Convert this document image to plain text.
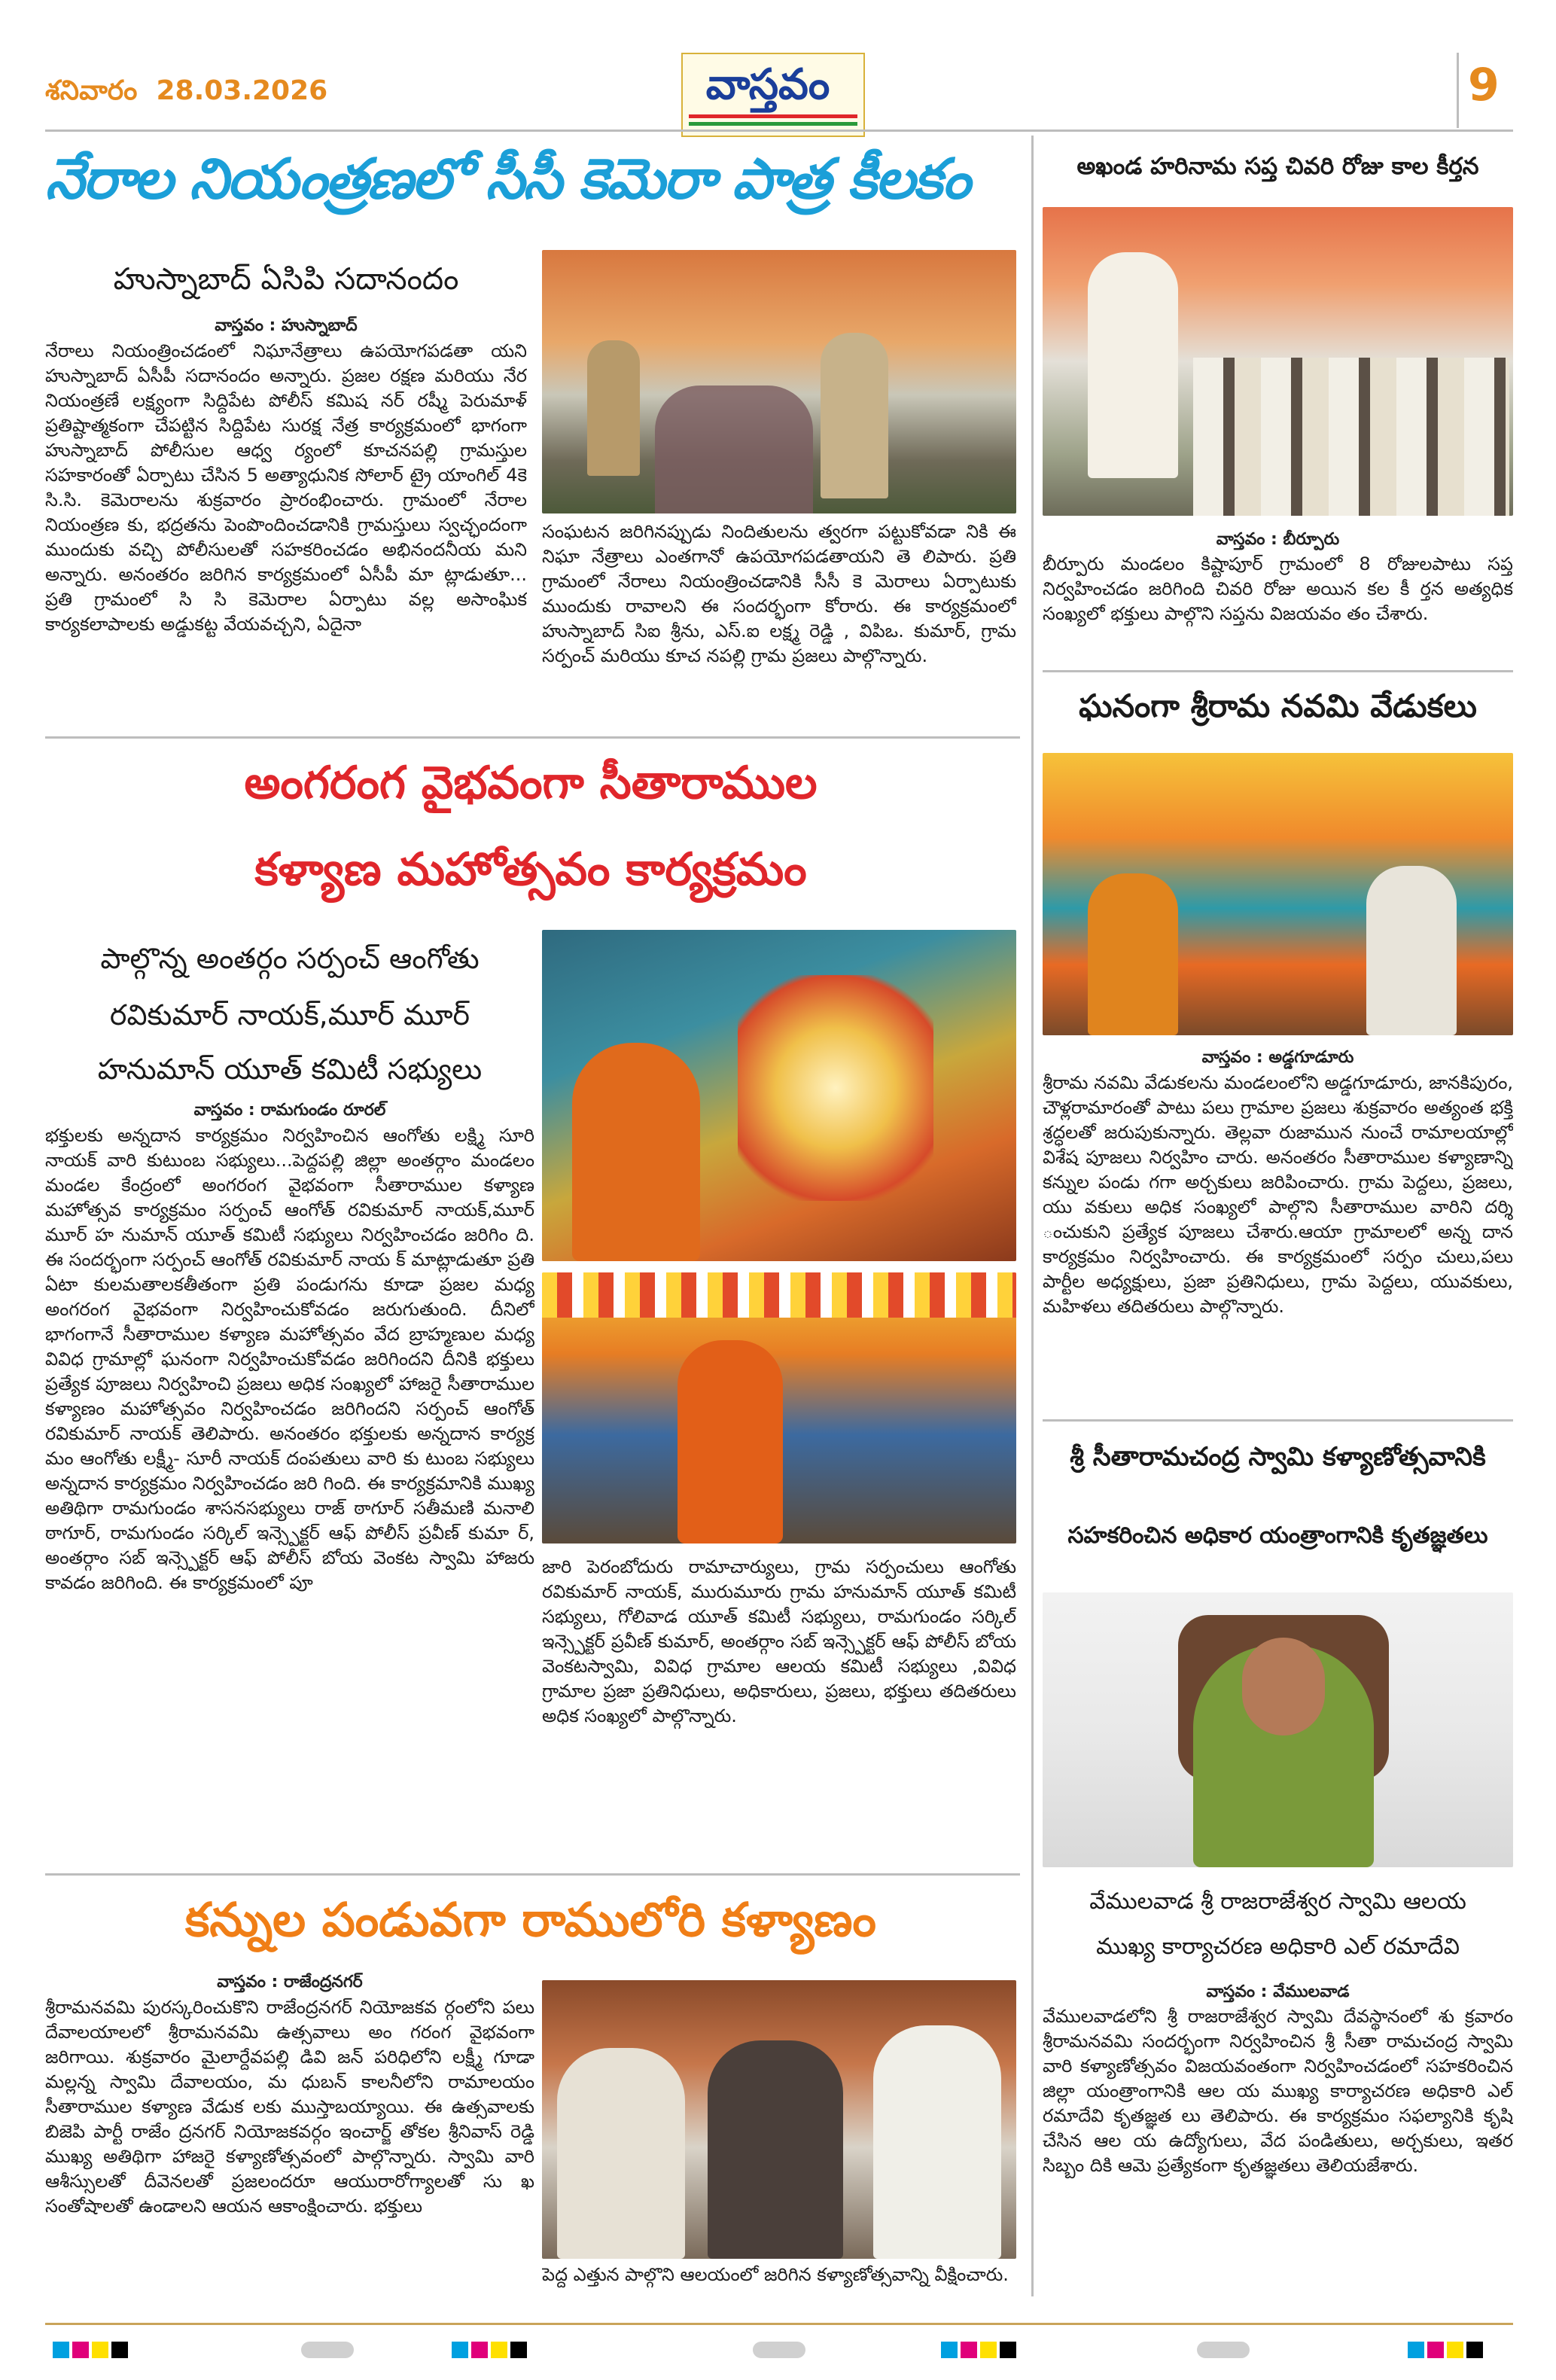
శనివారం  28.03.2026	వాస్తవం	9
నేరాల నియంత్రణలో సీసీ కెమెరా పాత్ర కీలకం
హుస్నాబాద్ ఏసిపి సదానందం
వాస్తవం : హుస్నాబాద్

నేరాలు నియంత్రించడంలో నిఘానేత్రాలు ఉపయోగపడతా యని హుస్నాబాద్ ఏసీపీ సదానందం అన్నారు. ప్రజల రక్షణ మరియు నేర నియంత్రణే లక్ష్యంగా సిద్దిపేట పోలీస్ కమిష నర్ రష్మీ పెరుమాళ్ ప్రతిష్టాత్మకంగా చేపట్టిన సిద్దిపేట సురక్ష నేత్ర కార్యక్రమంలో భాగంగా హుస్నాబాద్ పోలీసుల ఆధ్వ ర్యంలో కూచనపల్లి గ్రామస్తుల సహకారంతో ఏర్పాటు చేసిన 5 అత్యాధునిక సోలార్ ట్రై యాంగిల్ 4కె సి.సి. కెమెరాలను శుక్రవారం ప్రారంభించారు. గ్రామంలో నేరాల నియంత్రణ కు, భద్రతను పెంపొందించడానికి గ్రామస్తులు స్వచ్ఛందంగా ముందుకు వచ్చి పోలీసులతో సహకరించడం అభినందనీయ మని అన్నారు. అనంతరం జరిగిన కార్యక్రమంలో ఏసీపీ మా ట్లాడుతూ... ప్రతి గ్రామంలో సి సి కెమెరాల ఏర్పాటు వల్ల అసాంఘిక కార్యకలాపాలకు అడ్డుకట్ట వేయవచ్చని, ఏదైనా

సంఘటన జరిగినప్పుడు నిందితులను త్వరగా పట్టుకోవడా నికి ఈ నిఘా నేత్రాలు ఎంతగానో ఉపయోగపడతాయని తె లిపారు. ప్రతి గ్రామంలో నేరాలు నియంత్రించడానికి సీసీ కె మెరాలు ఏర్పాటుకు ముందుకు రావాలని ఈ సందర్భంగా కోరారు. ఈ కార్యక్రమంలో హుస్నాబాద్ సిఐ శ్రీను, ఎస్.ఐ లక్ష్మ రెడ్డి , విపిఒ. కుమార్, గ్రామ సర్పంచ్ మరియు కూచ నపల్లి గ్రామ ప్రజలు పాల్గొన్నారు.

అంగరంగ వైభవంగా సీతారాముల
కళ్యాణ మహోత్సవం కార్యక్రమం
పాల్గొన్న అంతర్గం సర్పంచ్ ఆంగోతు
రవికుమార్ నాయక్,మూర్ మూర్
హనుమాన్ యూత్ కమిటీ సభ్యులు
వాస్తవం : రామగుండం రూరల్

భక్తులకు అన్నదాన కార్యక్రమం నిర్వహించిన ఆంగోతు లక్ష్మి సూరి నాయక్ వారి కుటుంబ సభ్యులు...పెద్దపల్లి జిల్లా అంతర్గాం మండలం మండల కేంద్రంలో అంగరంగ వైభవంగా సీతారాముల కళ్యాణ మహోత్సవ కార్యక్రమం సర్పంచ్ ఆంగోత్ రవికుమార్ నాయక్,మూర్ మూర్ హ నుమాన్ యూత్ కమిటీ సభ్యులు నిర్వహించడం జరిగిం ది. ఈ సందర్భంగా సర్పంచ్ ఆంగోత్ రవికుమార్ నాయ క్ మాట్లాడుతూ ప్రతి ఏటా కులమతాలకతీతంగా ప్రతి పండుగను కూడా ప్రజల మధ్య అంగరంగ వైభవంగా నిర్వహించుకోవడం జరుగుతుంది. దీనిలో భాగంగానే సీతారాముల కళ్యాణ మహోత్సవం వేద బ్రాహ్మణుల మధ్య వివిధ గ్రామాల్లో ఘనంగా నిర్వహించుకోవడం జరిగిందని దీనికి భక్తులు ప్రత్యేక పూజలు నిర్వహించి ప్రజలు అధిక సంఖ్యలో హాజరై సీతారాముల కళ్యాణం మహోత్సవం నిర్వహించడం జరిగిందని సర్పంచ్ ఆంగోత్ రవికుమార్ నాయక్ తెలిపారు. అనంతరం భక్తులకు అన్నదాన కార్యక్ర మం ఆంగోతు లక్ష్మీ- సూరీ నాయక్ దంపతులు వారి కు టుంబ సభ్యులు అన్నదాన కార్యక్రమం నిర్వహించడం జరి గింది. ఈ కార్యక్రమానికి ముఖ్య అతిథిగా రామగుండం శాసనసభ్యులు రాజ్ ఠాగూర్ సతీమణి మనాలి ఠాగూర్, రామగుండం సర్కిల్ ఇన్స్పెక్టర్ ఆఫ్ పోలీస్ ప్రవీణ్ కుమా ర్, అంతర్గాం సబ్ ఇన్స్పెక్టర్ ఆఫ్ పోలీస్ బోయ వెంకట స్వామి హాజరు కావడం జరిగింది. ఈ కార్యక్రమంలో పూ

జారి పెరంబోదురు రామాచార్యులు, గ్రామ సర్పంచులు ఆంగోతు రవికుమార్ నాయక్, మురుమూరు గ్రామ హనుమాన్ యూత్ కమిటీ సభ్యులు, గోలివాడ యూత్ కమిటీ సభ్యులు, రామగుండం సర్కిల్ ఇన్స్పెక్టర్ ప్రవీణ్ కుమార్, అంతర్గాం సబ్ ఇన్స్పెక్టర్ ఆఫ్ పోలీస్ బోయ వెంకటస్వామి, వివిధ గ్రామాల ఆలయ కమిటీ సభ్యులు ,వివిధ గ్రామాల ప్రజా ప్రతినిధులు, అధికారులు, ప్రజలు, భక్తులు తదితరులు అధిక సంఖ్యలో పాల్గొన్నారు.

కన్నుల పండువగా రాములోరి కళ్యాణం
వాస్తవం : రాజేంద్రనగర్

శ్రీరామనవమి పురస్కరించుకొని రాజేంద్రనగర్ నియోజకవ ర్గంలోని పలు దేవాలయాలలో శ్రీరామనవమి ఉత్సవాలు అం గరంగ వైభవంగా జరిగాయి. శుక్రవారం మైలార్దేవపల్లి డివి జన్ పరిధిలోని లక్ష్మీ గూడా మల్లన్న స్వామి దేవాలయం, మ ధుబన్ కాలనీలోని రామాలయం సీతారాముల కళ్యాణ వేడుక లకు ముస్తాబయ్యాయి. ఈ ఉత్సవాలకు బిజెపి పార్టీ రాజేం ద్రనగర్ నియోజకవర్గం ఇంచార్జ్ తోకల శ్రీనివాస్ రెడ్డి ముఖ్య అతిథిగా హాజరై కళ్యాణోత్సవంలో పాల్గొన్నారు. స్వామి వారి ఆశీస్సులతో దీవెనలతో ప్రజలందరూ ఆయురారోగ్యాలతో సు ఖ సంతోషాలతో ఉండాలని ఆయన ఆకాంక్షించారు. భక్తులు

పెద్ద ఎత్తున పాల్గొని ఆలయంలో జరిగిన కళ్యాణోత్సవాన్ని వీక్షించారు.

అఖండ హరినామ సప్త చివరి రోజు కాల కీర్తన
వాస్తవం : బీర్పూరు

బీర్పూరు మండలం కిష్టాపూర్ గ్రామంలో 8 రోజులపాటు సప్త నిర్వహించడం జరిగింది చివరి రోజు అయిన కల కీ ర్తన అత్యధిక సంఖ్యలో భక్తులు పాల్గొని సప్తను విజయవం తం చేశారు.

ఘనంగా శ్రీరామ నవమి వేడుకలు
వాస్తవం : అడ్డగూడూరు

శ్రీరామ నవమి వేడుకలను మండలంలోని అడ్డగూడూరు, జానకిపురం, చౌళ్లరామారంతో పాటు పలు గ్రామాల ప్రజలు శుక్రవారం అత్యంత భక్తి శ్రద్ధలతో జరుపుకున్నారు. తెల్లవా రుజామున నుంచే రామాలయాల్లో విశేష పూజలు నిర్వహిం చారు. అనంతరం సీతారాముల కళ్యాణాన్ని కన్నుల పండు గగా అర్చకులు జరిపించారు. గ్రామ పెద్దలు, ప్రజలు, యు వకులు అధిక సంఖ్యలో పాల్గొని సీతారాముల వారిని దర్శి ంచుకుని ప్రత్యేక పూజలు చేశారు.ఆయా గ్రామాలలో అన్న దాన కార్యక్రమం నిర్వహించారు. ఈ కార్యక్రమంలో సర్పం చులు,పలు పార్టీల అధ్యక్షులు, ప్రజా ప్రతినిధులు, గ్రామ పెద్దలు, యువకులు, మహిళలు తదితరులు పాల్గొన్నారు.

శ్రీ సీతారామచంద్ర స్వామి కళ్యాణోత్సవానికి
సహకరించిన అధికార యంత్రాంగానికి కృతజ్ఞతలు
వేములవాడ శ్రీ రాజరాజేశ్వర స్వామి ఆలయ
ముఖ్య కార్యాచరణ అధికారి ఎల్ రమాదేవి
వాస్తవం : వేములవాడ

వేములవాడలోని శ్రీ రాజరాజేశ్వర స్వామి దేవస్థానంలో శు క్రవారం శ్రీరామనవమి సందర్భంగా నిర్వహించిన శ్రీ సీతా రామచంద్ర స్వామి వారి కళ్యాణోత్సవం విజయవంతంగా నిర్వహించడంలో సహకరించిన జిల్లా యంత్రాంగానికి ఆల య ముఖ్య కార్యాచరణ అధికారి ఎల్ రమాదేవి కృతజ్ఞత లు తెలిపారు. ఈ కార్యక్రమం సఫల్యానికి కృషి చేసిన ఆల య ఉద్యోగులు, వేద పండితులు, అర్చకులు, ఇతర సిబ్బం దికి ఆమె ప్రత్యేకంగా కృతజ్ఞతలు తెలియజేశారు.
